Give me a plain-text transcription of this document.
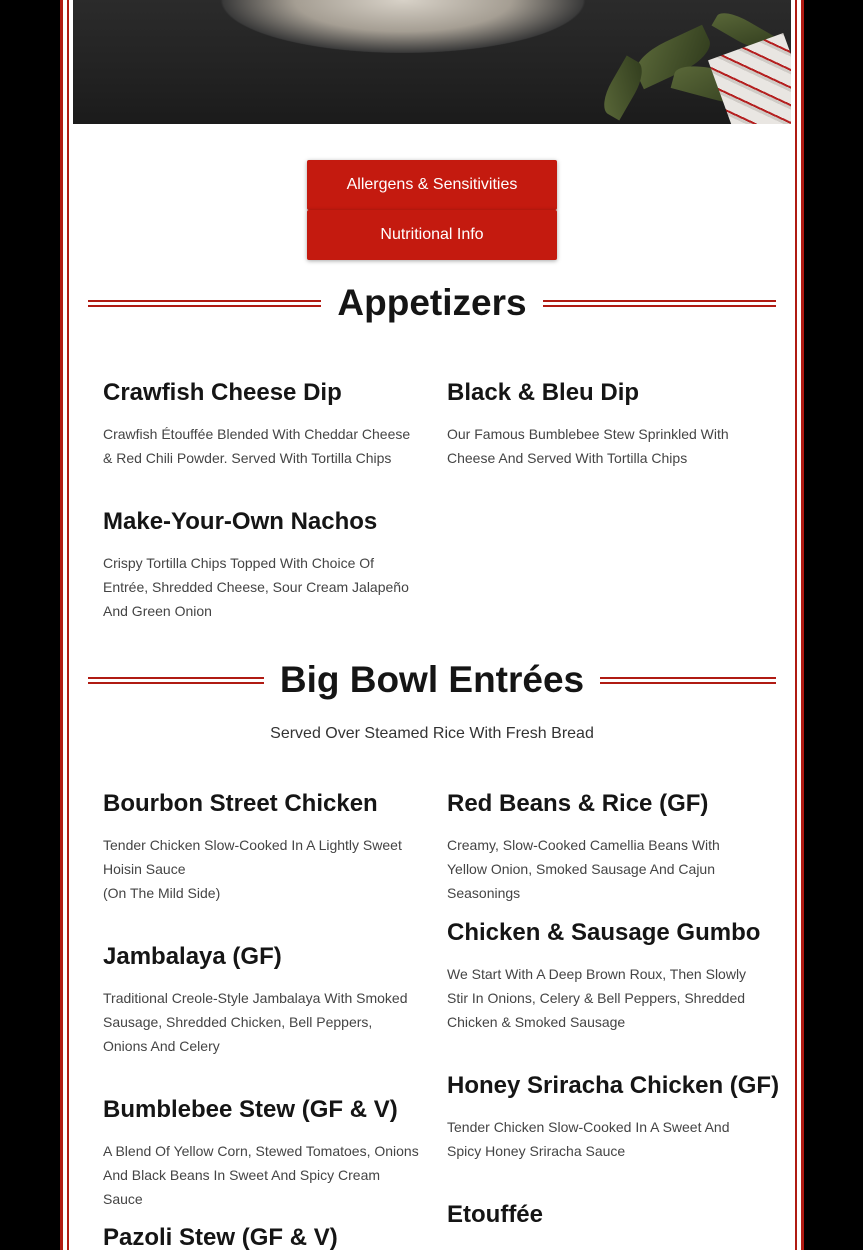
Allergens & Sensitivities
Nutritional Info
Appetizers
Crawfish Cheese Dip

Crawfish Étouffée Blended With Cheddar Cheese & Red Chili Powder. Served With Tortilla Chips

Black & Bleu Dip

Our Famous Bumblebee Stew Sprinkled With Cheese And Served With Tortilla Chips

Make-Your-Own Nachos

Crispy Tortilla Chips Topped With Choice Of Entrée, Shredded Cheese, Sour Cream Jalapeño And Green Onion

Big Bowl Entrées

Served Over Steamed Rice With Fresh Bread

Bourbon Street Chicken

Tender Chicken Slow-Cooked In A Lightly Sweet Hoisin Sauce
(On The Mild Side)

Red Beans & Rice (GF)

Creamy, Slow-Cooked Camellia Beans With Yellow Onion, Smoked Sausage And Cajun Seasonings

Chicken & Sausage Gumbo

We Start With A Deep Brown Roux, Then Slowly Stir In Onions, Celery & Bell Peppers, Shredded Chicken & Smoked Sausage

Jambalaya (GF)

Traditional Creole-Style Jambalaya With Smoked Sausage, Shredded Chicken, Bell Peppers, Onions And Celery

Honey Sriracha Chicken (GF)

Tender Chicken Slow-Cooked In A Sweet And Spicy Honey Sriracha Sauce

Bumblebee Stew (GF & V)

A Blend Of Yellow Corn, Stewed Tomatoes, Onions And Black Beans In Sweet And Spicy Cream Sauce

Etouffée
Pazoli Stew (GF & V)
